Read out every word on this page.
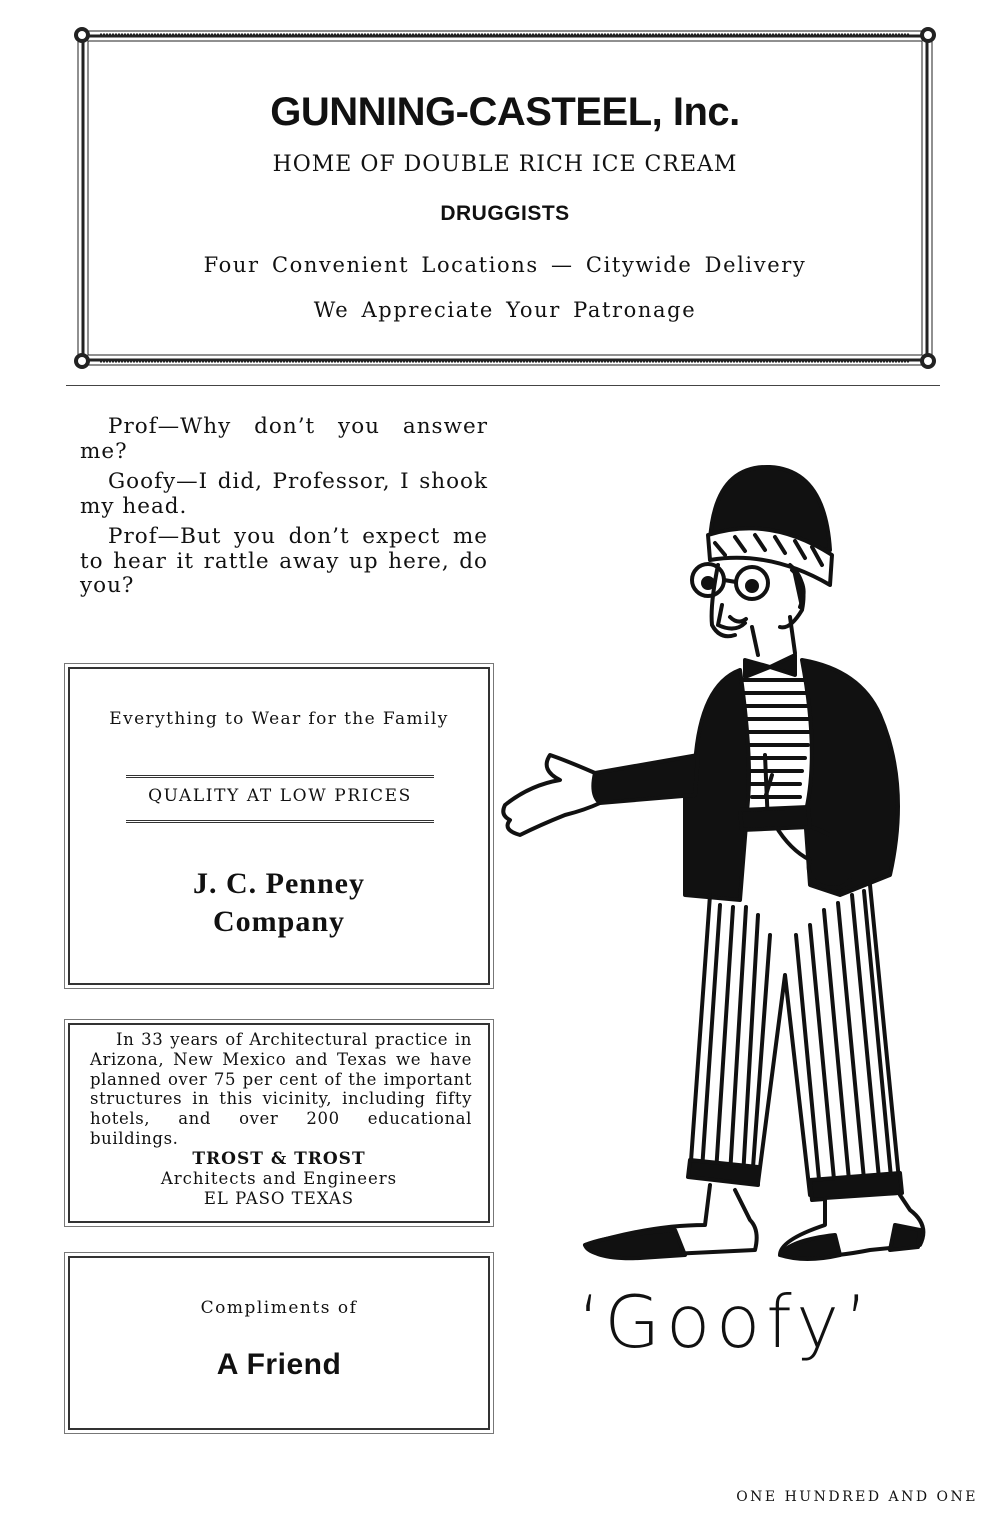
GUNNING-CASTEEL, Inc.
HOME OF DOUBLE RICH ICE CREAM
DRUGGISTS
Four Convenient Locations — Citywide Delivery
We Appreciate Your Patronage

Prof—Why don’t you answer me?

Goofy—I did, Professor, I shook my head.

Prof—But you don’t expect me to hear it rattle away up here, do you?

Everything to Wear for the Family
QUALITY AT LOW PRICES
J. C. Penney
Company
In 33 years of Architectural practice in Arizona, New Mexico and Texas we have planned over 75 per cent of the important structures in this vicinity, including fifty hotels, and over 200 educational buildings.
TROST & TROST
Architects and Engineers
EL PASO TEXAS
Compliments of
A Friend
‘Goofy’
ONE HUNDRED AND ONE
